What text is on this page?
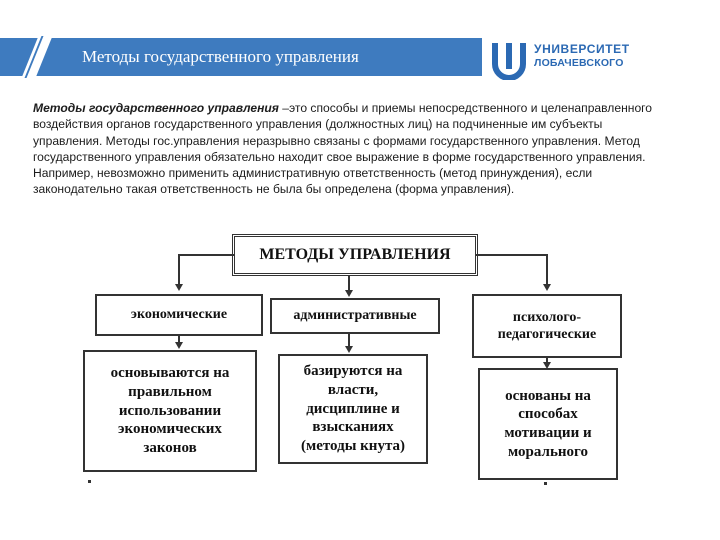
Методы государственного управления	УНИВЕРСИТЕТ
ЛОБАЧЕВСКОГО
Методы государственного управления –это способы и приемы непосредственного и целенаправленного воздействия органов государственного управления (должностных лиц) на подчиненные им субъекты управления. Методы гос.управления неразрывно связаны с формами государственного управления. Метод государственного управления обязательно находит свое выражение в форме государственного управления. Например, невозможно применить административную ответственность (метод принуждения), если законодательно такая ответственность не была бы определена (форма управления).
МЕТОДЫ УПРАВЛЕНИЯ
экономические	административные	психолого-педагогические
основываются на правильном использовании экономических законов
базируются на власти, дисциплине и взысканиях (методы кнута)
основаны на способах мотивации и морального
